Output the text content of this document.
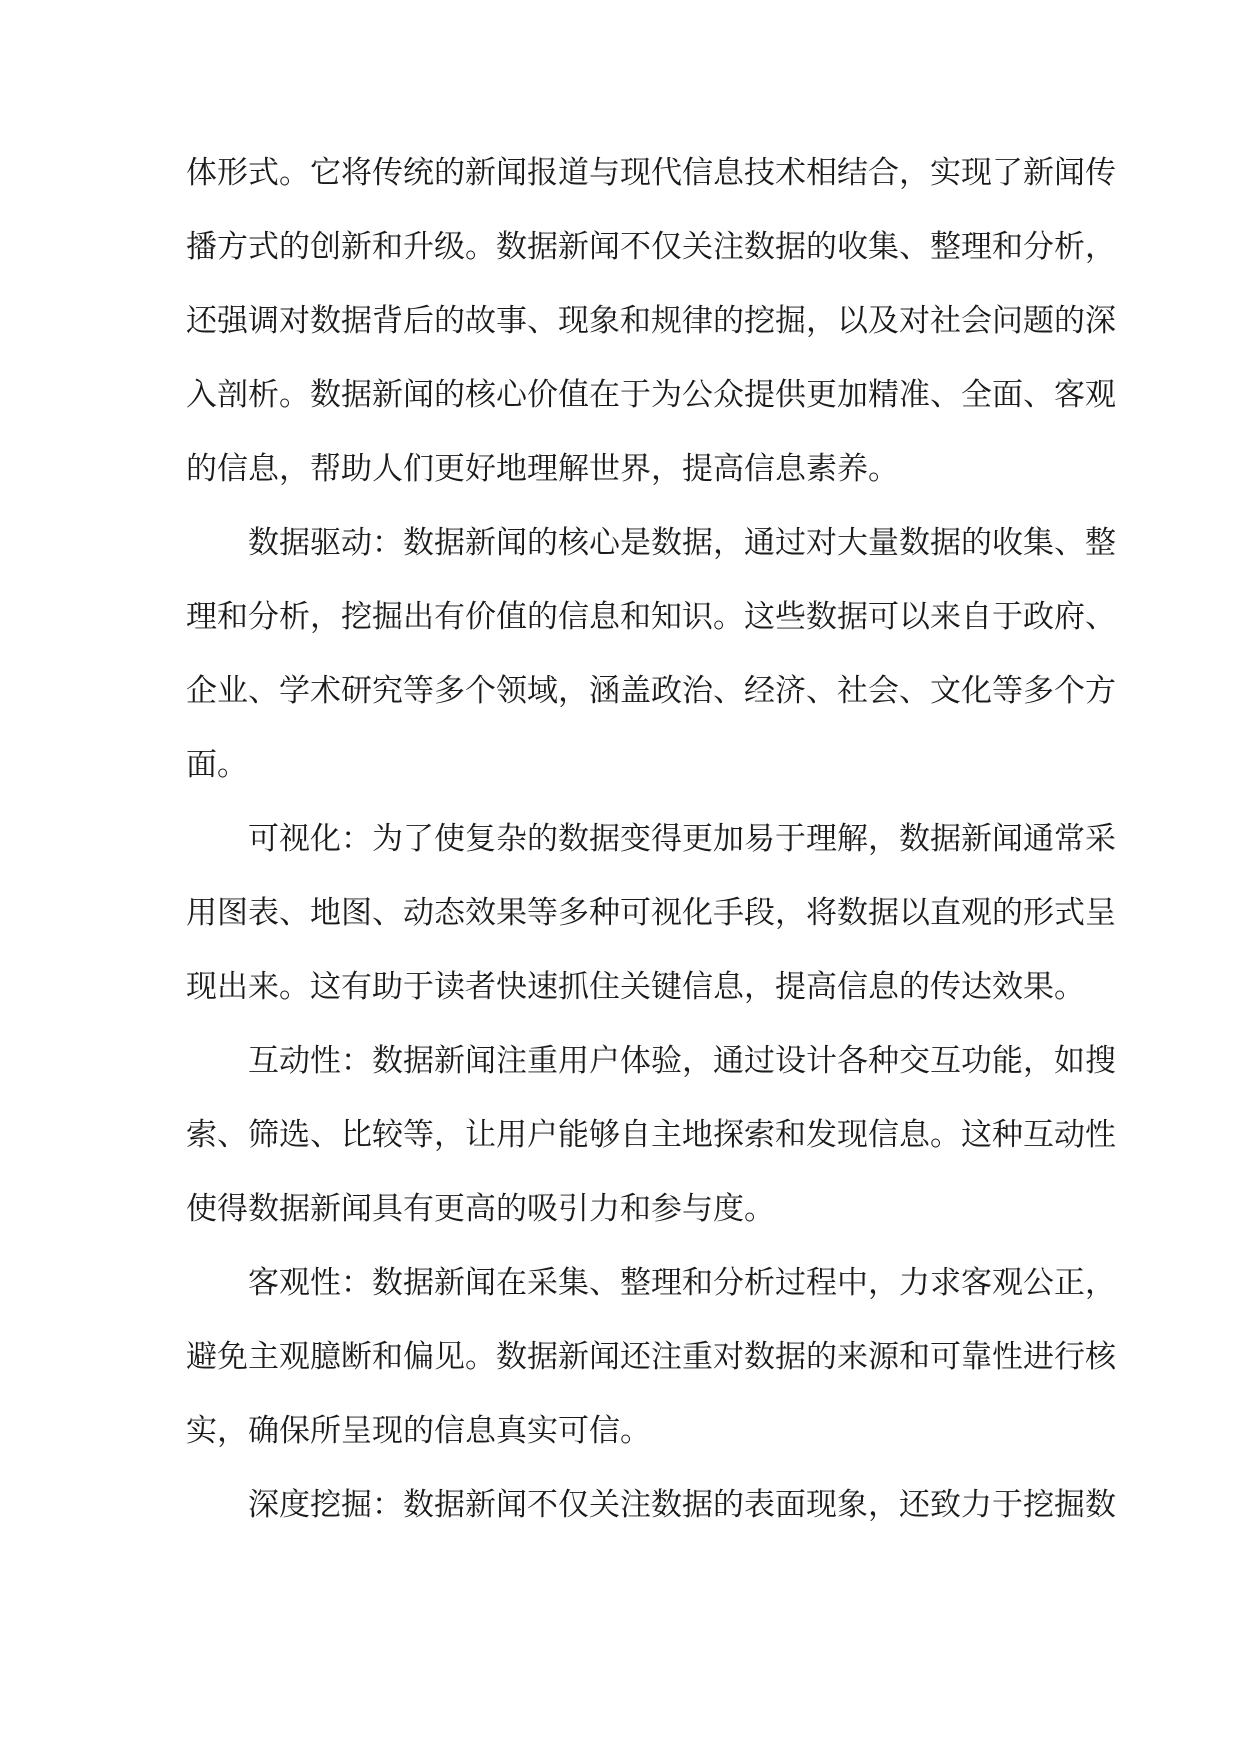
体形式。它将传统的新闻报道与现代信息技术相结合，实现了新闻传
播方式的创新和升级。数据新闻不仅关注数据的收集、整理和分析，
还强调对数据背后的故事、现象和规律的挖掘，以及对社会问题的深
入剖析。数据新闻的核心价值在于为公众提供更加精准、全面、客观
的信息，帮助人们更好地理解世界，提高信息素养。
数据驱动：数据新闻的核心是数据，通过对大量数据的收集、整
理和分析，挖掘出有价值的信息和知识。这些数据可以来自于政府、
企业、学术研究等多个领域，涵盖政治、经济、社会、文化等多个方
面。
可视化：为了使复杂的数据变得更加易于理解，数据新闻通常采
用图表、地图、动态效果等多种可视化手段，将数据以直观的形式呈
现出来。这有助于读者快速抓住关键信息，提高信息的传达效果。
互动性：数据新闻注重用户体验，通过设计各种交互功能，如搜
索、筛选、比较等，让用户能够自主地探索和发现信息。这种互动性
使得数据新闻具有更高的吸引力和参与度。
客观性：数据新闻在采集、整理和分析过程中，力求客观公正，
避免主观臆断和偏见。数据新闻还注重对数据的来源和可靠性进行核
实，确保所呈现的信息真实可信。
深度挖掘：数据新闻不仅关注数据的表面现象，还致力于挖掘数
